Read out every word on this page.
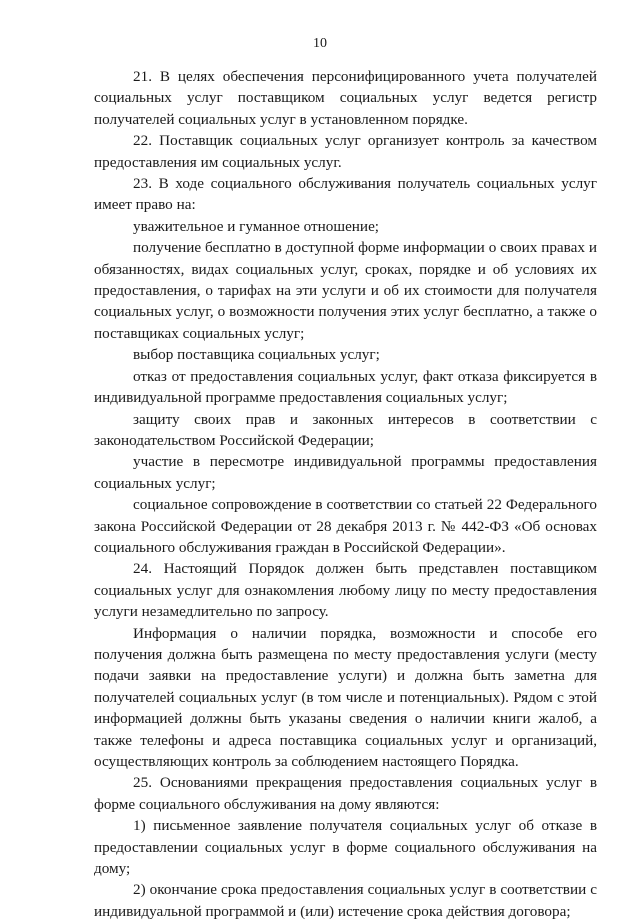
10

21. В целях обеспечения персонифицированного учета получателей социальных услуг поставщиком социальных услуг ведется регистр получателей социальных услуг в установленном порядке.

22. Поставщик социальных услуг организует контроль за качеством предоставления им социальных услуг.

23. В ходе социального обслуживания получатель социальных услуг имеет право на:

уважительное и гуманное отношение;

получение бесплатно в доступной форме информации о своих правах и обязанностях, видах социальных услуг, сроках, порядке и об условиях их предоставления, о тарифах на эти услуги и об их стоимости для получателя социальных услуг, о возможности получения этих услуг бесплатно, а также о поставщиках социальных услуг;

выбор поставщика социальных услуг;

отказ от предоставления социальных услуг, факт отказа фиксируется в индивидуальной программе предоставления социальных услуг;

защиту своих прав и законных интересов в соответствии с законодательством Российской Федерации;

участие в пересмотре индивидуальной программы предоставления социальных услуг;

социальное сопровождение в соответствии со статьей 22 Федерального закона Российской Федерации от 28 декабря 2013 г. № 442-ФЗ «Об основах социального обслуживания граждан в Российской Федерации».

24. Настоящий Порядок должен быть представлен поставщиком социальных услуг для ознакомления любому лицу по месту предоставления услуги незамедлительно по запросу.

Информация о наличии порядка, возможности и способе его получения должна быть размещена по месту предоставления услуги (месту подачи заявки на предоставление услуги) и должна быть заметна для получателей социальных услуг (в том числе и потенциальных). Рядом с этой информацией должны быть указаны сведения о наличии книги жалоб, а также телефоны и адреса поставщика социальных услуг и организаций, осуществляющих контроль за соблюдением настоящего Порядка.

25. Основаниями прекращения предоставления социальных услуг в форме социального обслуживания на дому являются:

1) письменное заявление получателя социальных услуг об отказе в предоставлении социальных услуг в форме социального обслуживания на дому;

2) окончание срока предоставления социальных услуг в соответствии с индивидуальной программой и (или) истечение срока действия договора;
